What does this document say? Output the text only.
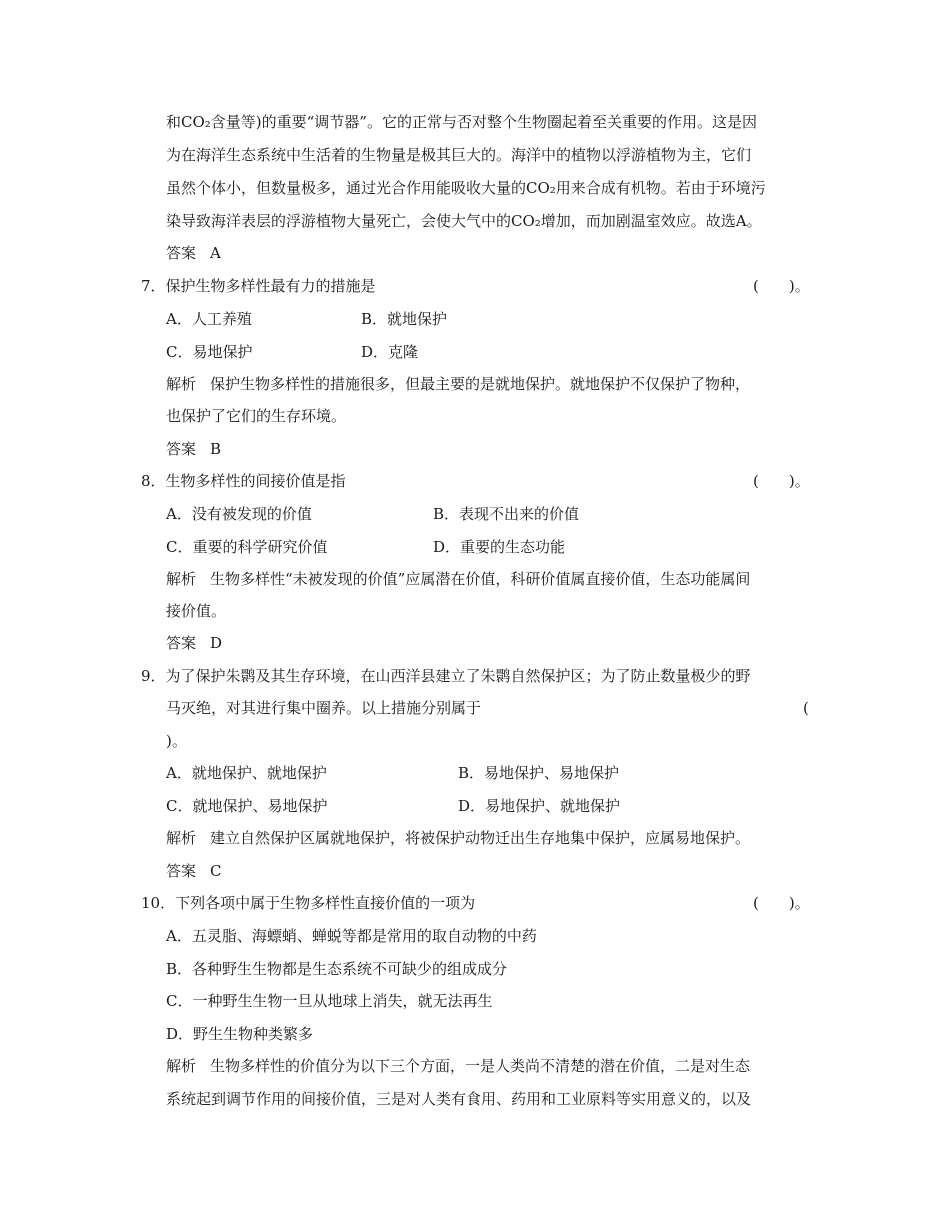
和CO₂含量等)的重要“调节器”。它的正常与否对整个生物圈起着至关重要的作用。这是因
为在海洋生态系统中生活着的生物量是极其巨大的。海洋中的植物以浮游植物为主，它们
虽然个体小，但数量极多，通过光合作用能吸收大量的CO₂用来合成有机物。若由于环境污
染导致海洋表层的浮游植物大量死亡，会使大气中的CO₂增加，而加剧温室效应。故选A。
答案 A
7．保护生物多样性最有力的措施是	(　　)。
A．人工养殖	B．就地保护
C．易地保护	D．克隆
解析 保护生物多样性的措施很多，但最主要的是就地保护。就地保护不仅保护了物种，
也保护了它们的生存环境。
答案 B
8．生物多样性的间接价值是指	(　　)。
A．没有被发现的价值	B．表现不出来的价值
C．重要的科学研究价值	D．重要的生态功能
解析 生物多样性“未被发现的价值”应属潜在价值，科研价值属直接价值，生态功能属间
接价值。
答案 D
9．为了保护朱鹮及其生存环境，在山西洋县建立了朱鹮自然保护区；为了防止数量极少的野
马灭绝，对其进行集中圈养。以上措施分别属于	(
)。
A．就地保护、就地保护	B．易地保护、易地保护
C．就地保护、易地保护	D．易地保护、就地保护
解析 建立自然保护区属就地保护，将被保护动物迁出生存地集中保护，应属易地保护。
答案 C
10．下列各项中属于生物多样性直接价值的一项为	(　　)。
A．五灵脂、海螵蛸、蝉蜕等都是常用的取自动物的中药
B．各种野生生物都是生态系统不可缺少的组成成分
C．一种野生生物一旦从地球上消失，就无法再生
D．野生生物种类繁多
解析 生物多样性的价值分为以下三个方面，一是人类尚不清楚的潜在价值，二是对生态
系统起到调节作用的间接价值，三是对人类有食用、药用和工业原料等实用意义的，以及
